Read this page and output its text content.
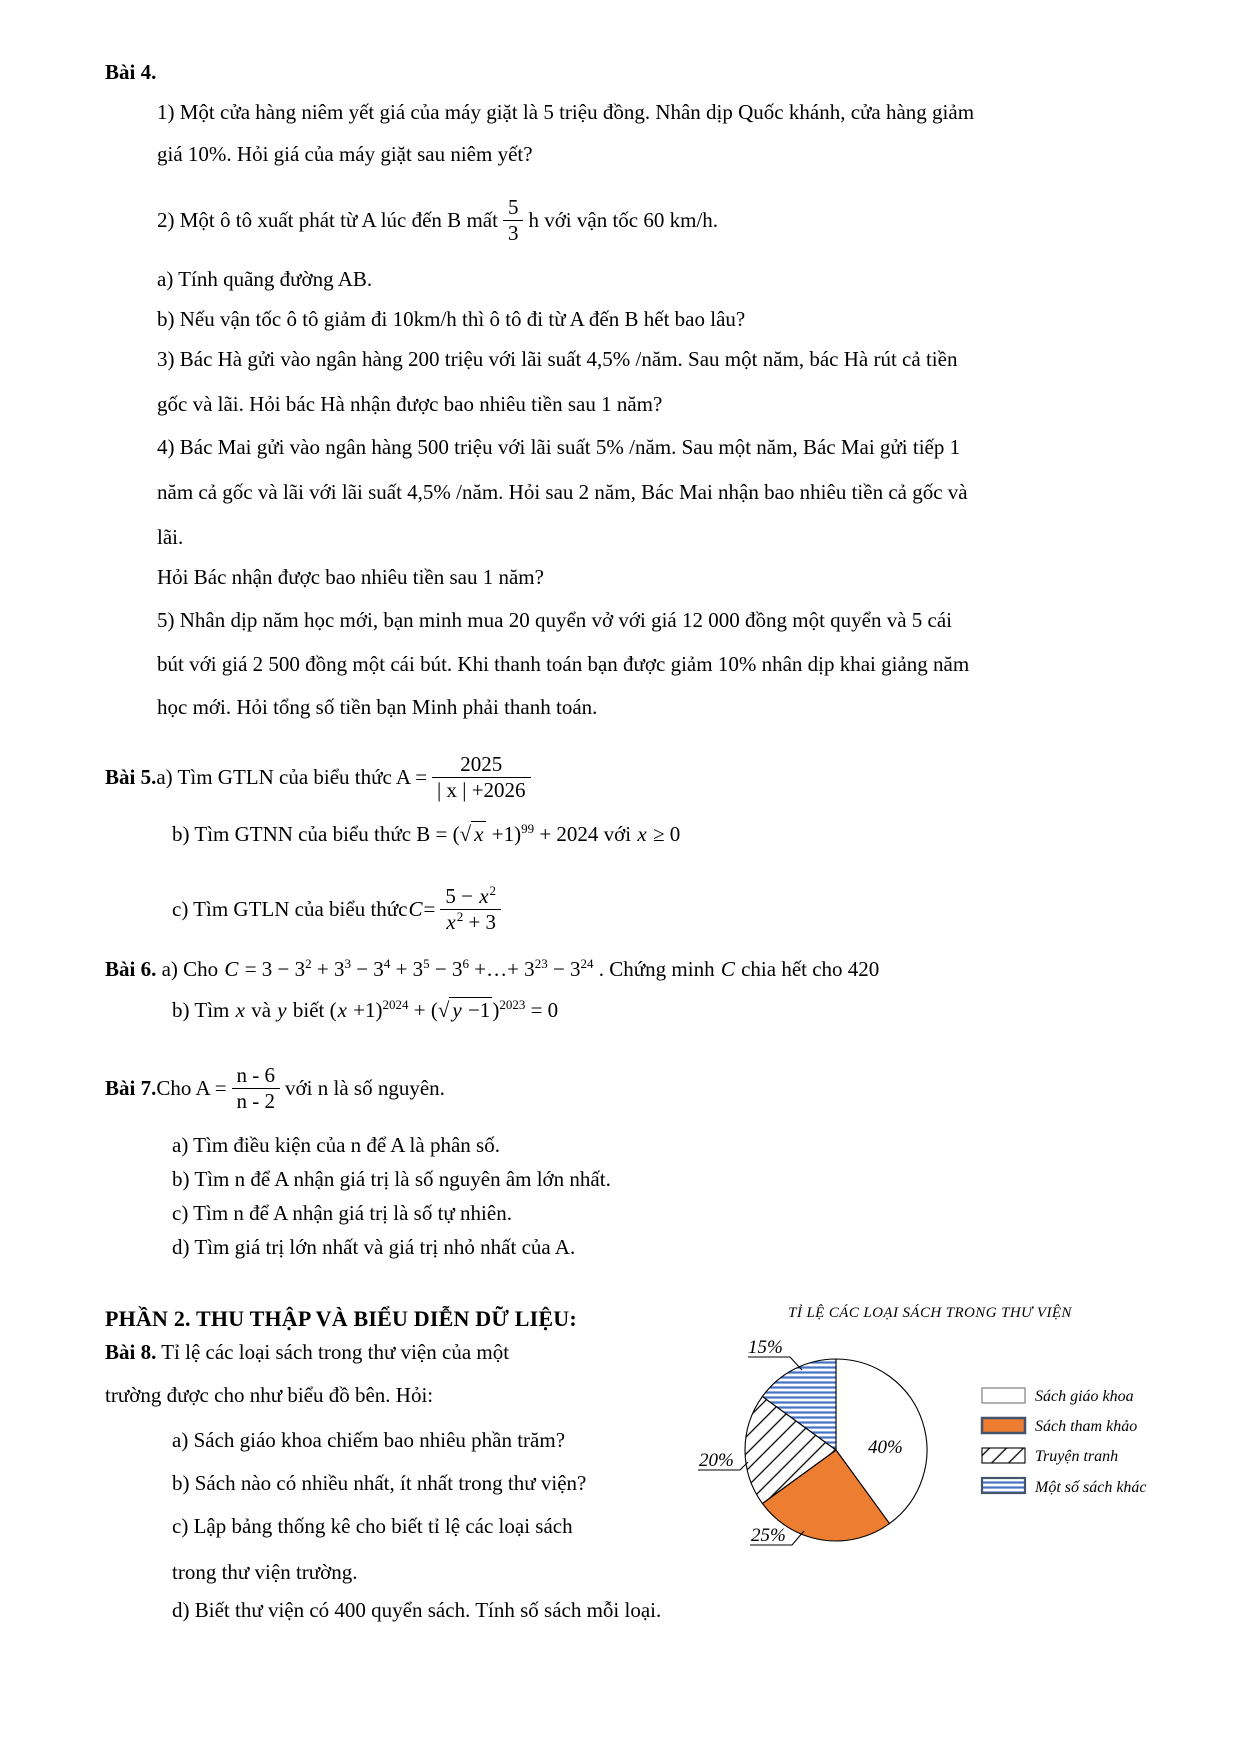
Bài 4.
1) Một cửa hàng niêm yết giá của máy giặt là 5 triệu đồng. Nhân dịp Quốc khánh, cửa hàng giảm
giá 10%. Hỏi giá của máy giặt sau niêm yết?
2) Một ô tô xuất phát từ A lúc đến B mất $\frac{5}{3}$ h với vận tốc 60 km/h.
a) Tính quãng đường AB.
b) Nếu vận tốc ô tô giảm đi 10km/h thì ô tô đi từ A đến B hết bao lâu?
3) Bác Hà gửi vào ngân hàng 200 triệu với lãi suất 4,5% /năm. Sau một năm, bác Hà rút cả tiền
gốc và lãi. Hỏi bác Hà nhận được bao nhiêu tiền sau 1 năm?
4) Bác Mai gửi vào ngân hàng 500 triệu với lãi suất 5% /năm. Sau một năm, Bác Mai gửi tiếp 1
năm cả gốc và lãi với lãi suất 4,5% /năm. Hỏi sau 2 năm, Bác Mai nhận bao nhiêu tiền cả gốc và
lãi.
Hỏi Bác nhận được bao nhiêu tiền sau 1 năm?
5) Nhân dịp năm học mới, bạn minh mua 20 quyển vở với giá 12 000 đồng một quyển và 5 cái
bút với giá 2 500 đồng một cái bút. Khi thanh toán bạn được giảm 10% nhân dịp khai giảng năm
học mới. Hỏi tổng số tiền bạn Minh phải thanh toán.
Bài 5. a) Tìm GTLN của biểu thức $A = \frac{2025}{| x | +2026}$
b) Tìm GTNN của biểu thức B = (√ x +1)$^{99}$ + 2024 với x ≥ 0
c) Tìm GTLN của biểu thức $C = \frac{5 - x^2}{x^2 + 3}$
Bài 6. a) Cho $C = 3 - 3^2 + 3^3 - 3^4 + 3^5 - 3^6$ +…+ $3^{23} - 3^{24}$ . Chứng minh C chia hết cho 420
b) Tìm x và y biết $(x +1)^{2024}$ + (√ y −1)$^{2023}$ = 0
Bài 7. Cho $A = \frac{n - 6}{n - 2}$ với n là số nguyên.
a) Tìm điều kiện của n để A là phân số.
b) Tìm n để A nhận giá trị là số nguyên âm lớn nhất.
c) Tìm n để A nhận giá trị là số tự nhiên.
d) Tìm giá trị lớn nhất và giá trị nhỏ nhất của A.
PHẦN 2. THU THẬP VÀ BIỂU DIỄN DỮ LIỆU:
Bài 8. Tỉ lệ các loại sách trong thư viện của một
trường được cho như biểu đồ bên. Hỏi:
a) Sách giáo khoa chiếm bao nhiêu phần trăm?
b) Sách nào có nhiều nhất, ít nhất trong thư viện?
c) Lập bảng thống kê cho biết tỉ lệ các loại sách
trong thư viện trường.
d) Biết thư viện có 400 quyển sách. Tính số sách mỗi loại.
TỈ LỆ CÁC LOẠI SÁCH TRONG THƯ VIỆN
40%
25%
20%
15%
Sách giáo khoa
Sách tham khảo
Truyện tranh
Một số sách khác
